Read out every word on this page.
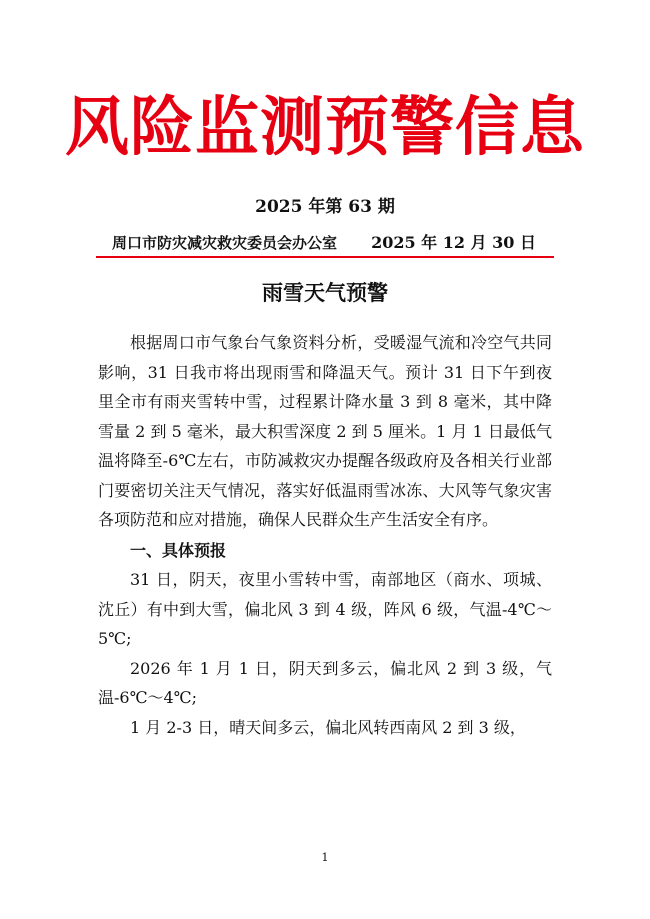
风险监测预警信息
2025 年第 63 期
周口市防灾减灾救灾委员会办公室 2025 年 12 月 30 日
雨雪天气预警

根据周口市气象台气象资料分析，受暖湿气流和冷空气共同影响，31 日我市将出现雨雪和降温天气。预计 31 日下午到夜里全市有雨夹雪转中雪，过程累计降水量 3 到 8 毫米，其中降雪量 2 到 5 毫米，最大积雪深度 2 到 5 厘米。1 月 1 日最低气温将降至-6℃左右，市防减救灾办提醒各级政府及各相关行业部门要密切关注天气情况，落实好低温雨雪冰冻、大风等气象灾害各项防范和应对措施，确保人民群众生产生活安全有序。

一、具体预报

31 日，阴天，夜里小雪转中雪，南部地区（商水、项城、沈丘）有中到大雪，偏北风 3 到 4 级，阵风 6 级，气温-4℃～5℃;

2026 年 1 月 1 日，阴天到多云，偏北风 2 到 3 级，气温-6℃～4℃;

1 月 2-3 日，晴天间多云，偏北风转西南风 2 到 3 级，

1
